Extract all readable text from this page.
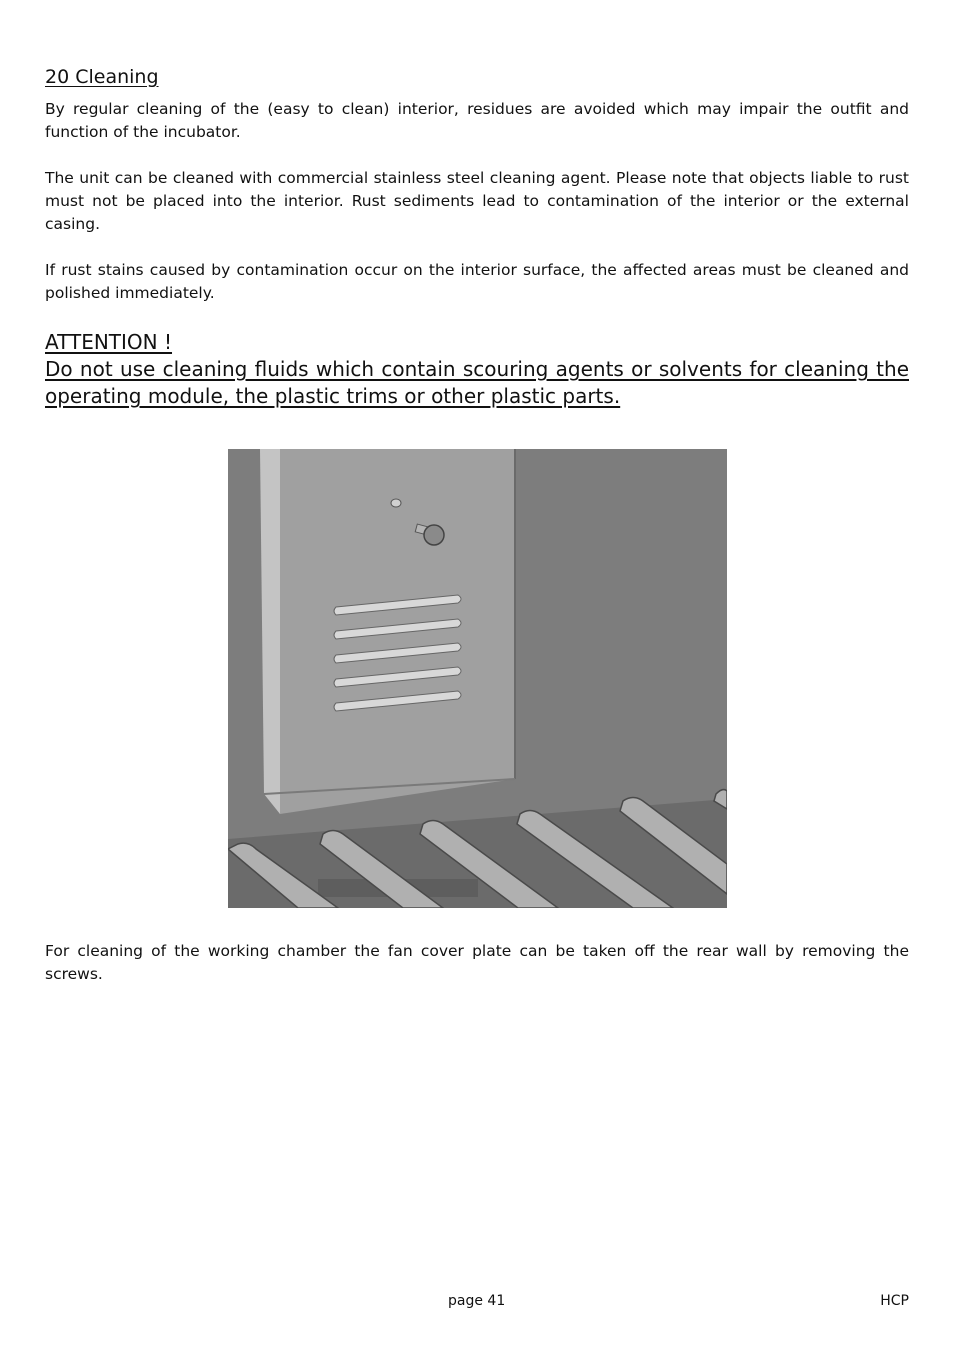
20 Cleaning
By regular cleaning of the (easy to clean) interior, residues are avoided which may impair the outfit and function of the incubator.
The unit can be cleaned with commercial stainless steel cleaning agent. Please note that objects liable to rust must not be placed into the interior. Rust sediments lead to contamination of the interior or the external casing.
If rust stains caused by contamination occur on the interior surface, the affected areas must be cleaned and polished immediately.
ATTENTION !
Do not use cleaning fluids which contain scouring agents or solvents for cleaning the operating module, the plastic trims or other plastic parts.
For cleaning of the working chamber the fan cover plate can be taken off the rear wall by removing the screws.
page 41	HCP
